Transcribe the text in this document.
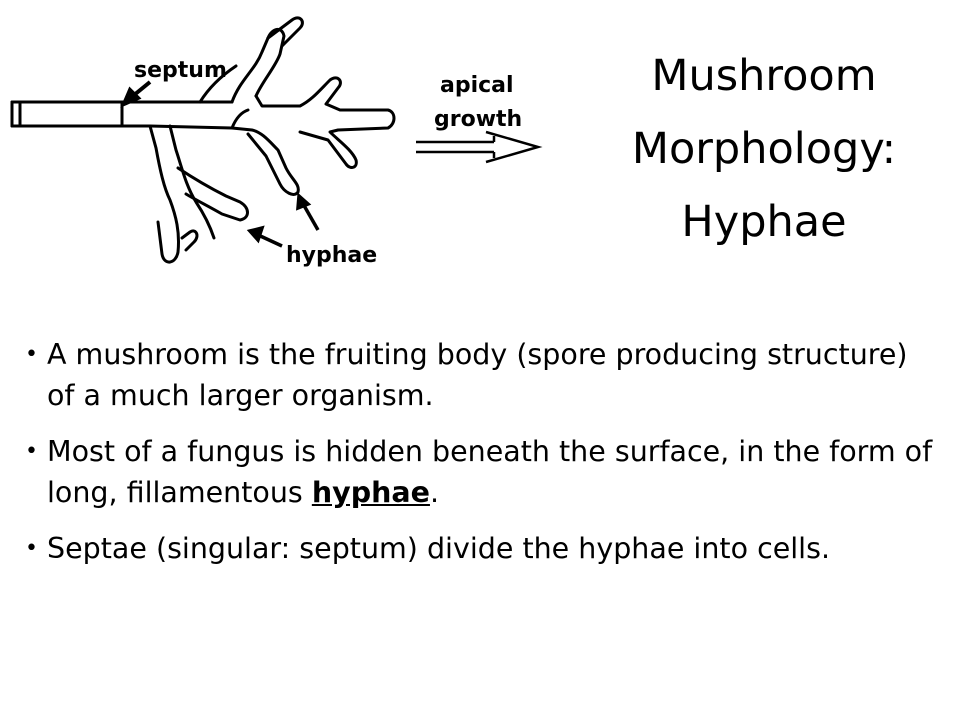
septum
apical
growth
hyphae
Mushroom
Morphology:
Hyphae
• A mushroom is the fruiting body (spore producing structure) of a much larger organism.
• Most of a fungus is hidden beneath the surface, in the form of long, fillamentous hyphae.
• Septae (singular: septum) divide the hyphae into cells.
